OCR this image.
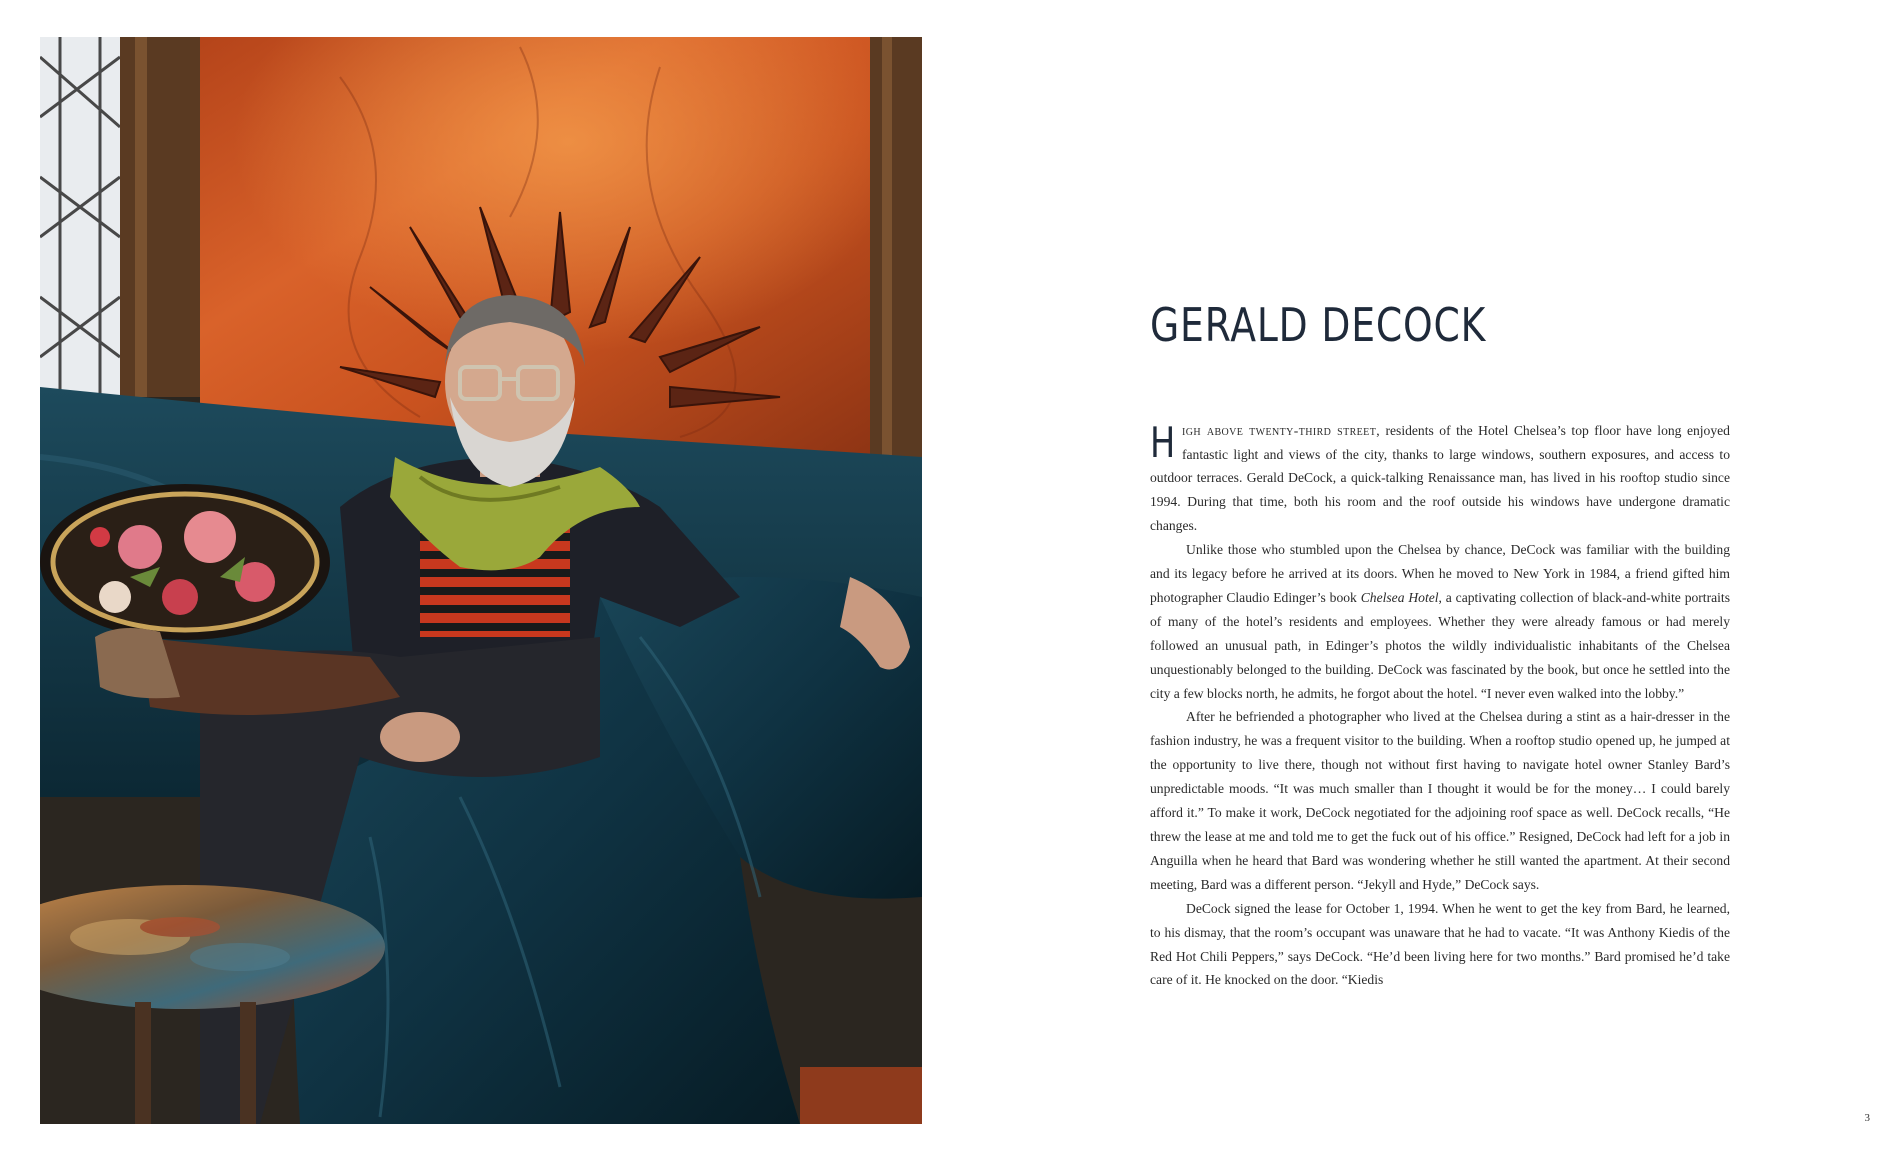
GERALD DECOCK

High above twenty-third street, residents of the Hotel Chelsea’s top floor have long enjoyed fantastic light and views of the city, thanks to large windows, southern exposures, and access to outdoor terraces. Gerald DeCock, a quick-talking Renaissance man, has lived in his rooftop studio since 1994. During that time, both his room and the roof outside his windows have undergone dramatic changes.

Unlike those who stumbled upon the Chelsea by chance, DeCock was familiar with the building and its legacy before he arrived at its doors. When he moved to New York in 1984, a friend gifted him photographer Claudio Edinger’s book Chelsea Hotel, a captivating collection of black-and-white portraits of many of the hotel’s residents and employees. Whether they were already famous or had merely followed an unusual path, in Edinger’s photos the wildly individualistic inhabitants of the Chelsea unquestionably belonged to the building. DeCock was fascinated by the book, but once he settled into the city a few blocks north, he admits, he forgot about the hotel. “I never even walked into the lobby.”

After he befriended a photographer who lived at the Chelsea during a stint as a hair-dresser in the fashion industry, he was a frequent visitor to the building. When a rooftop studio opened up, he jumped at the opportunity to live there, though not without first having to navigate hotel owner Stanley Bard’s unpredictable moods. “It was much smaller than I thought it would be for the money… I could barely afford it.” To make it work, DeCock negotiated for the adjoining roof space as well. DeCock recalls, “He threw the lease at me and told me to get the fuck out of his office.” Resigned, DeCock had left for a job in Anguilla when he heard that Bard was wondering whether he still wanted the apartment. At their second meeting, Bard was a different person. “Jekyll and Hyde,” DeCock says.

DeCock signed the lease for October 1, 1994. When he went to get the key from Bard, he learned, to his dismay, that the room’s occupant was unaware that he had to vacate. “It was Anthony Kiedis of the Red Hot Chili Peppers,” says DeCock. “He’d been living here for two months.” Bard promised he’d take care of it. He knocked on the door. “Kiedis

3
